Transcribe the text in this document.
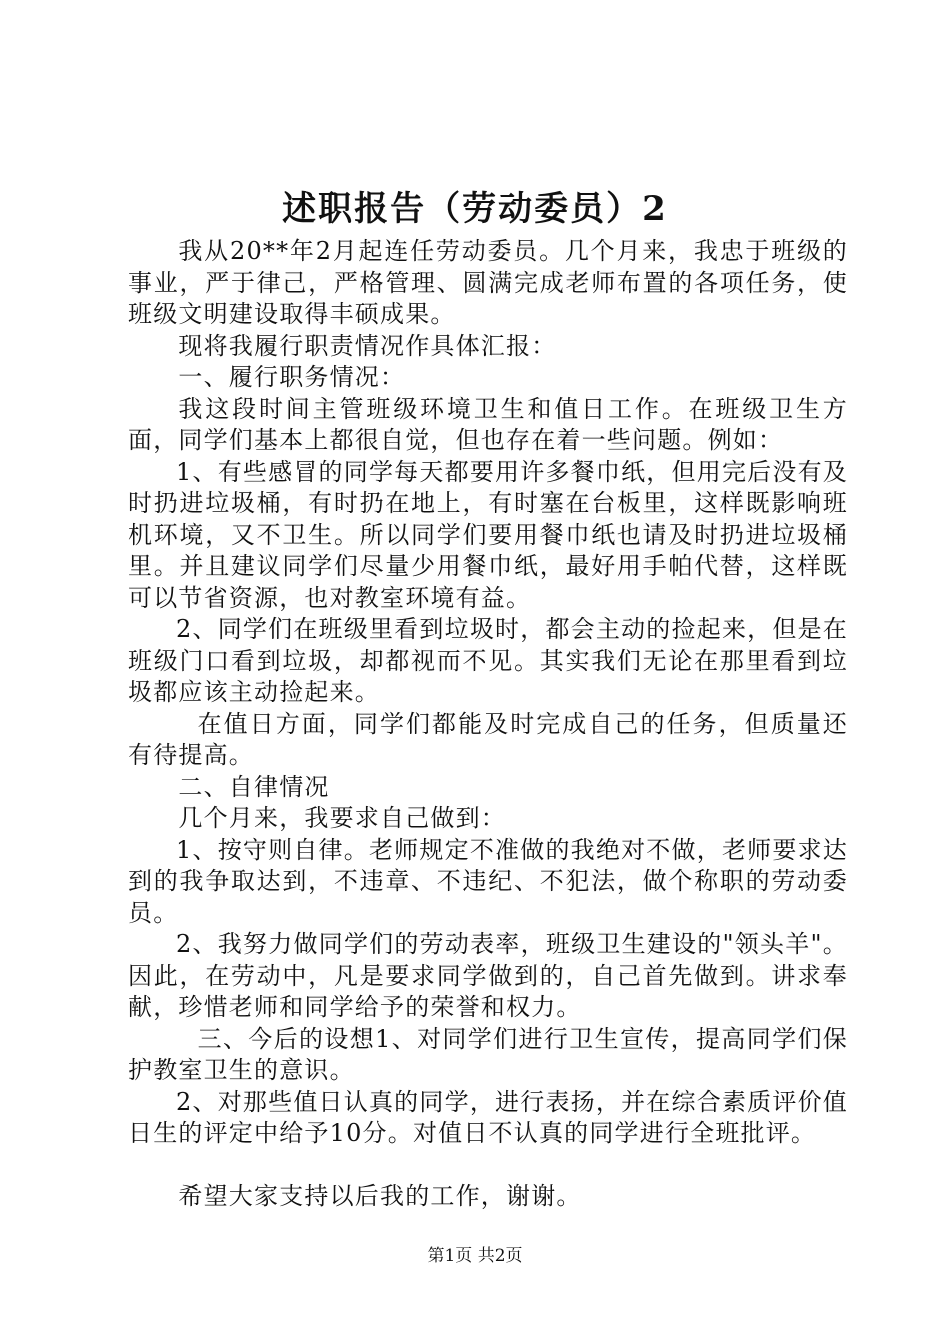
述职报告（劳动委员）2

我从20**年2月起连任劳动委员。几个月来，我忠于班级的事业，严于律己，严格管理、圆满完成老师布置的各项任务，使班级文明建设取得丰硕成果。

现将我履行职责情况作具体汇报：

一、履行职务情况：

我这段时间主管班级环境卫生和值日工作。在班级卫生方面，同学们基本上都很自觉，但也存在着一些问题。例如：

1、有些感冒的同学每天都要用许多餐巾纸，但用完后没有及时扔进垃圾桶，有时扔在地上，有时塞在台板里，这样既影响班机环境，又不卫生。所以同学们要用餐巾纸也请及时扔进垃圾桶里。并且建议同学们尽量少用餐巾纸，最好用手帕代替，这样既可以节省资源，也对教室环境有益。

2、同学们在班级里看到垃圾时，都会主动的捡起来，但是在班级门口看到垃圾，却都视而不见。其实我们无论在那里看到垃圾都应该主动捡起来。

在值日方面，同学们都能及时完成自己的任务，但质量还有待提高。

二、自律情况

几个月来，我要求自己做到：

1、按守则自律。老师规定不准做的我绝对不做，老师要求达到的我争取达到，不违章、不违纪、不犯法，做个称职的劳动委员。

2、我努力做同学们的劳动表率，班级卫生建设的"领头羊"。因此，在劳动中，凡是要求同学做到的，自己首先做到。讲求奉献，珍惜老师和同学给予的荣誉和权力。

三、今后的设想1、对同学们进行卫生宣传，提高同学们保护教室卫生的意识。

2、对那些值日认真的同学，进行表扬，并在综合素质评价值日生的评定中给予10分。对值日不认真的同学进行全班批评。

希望大家支持以后我的工作，谢谢。

第1页 共2页
